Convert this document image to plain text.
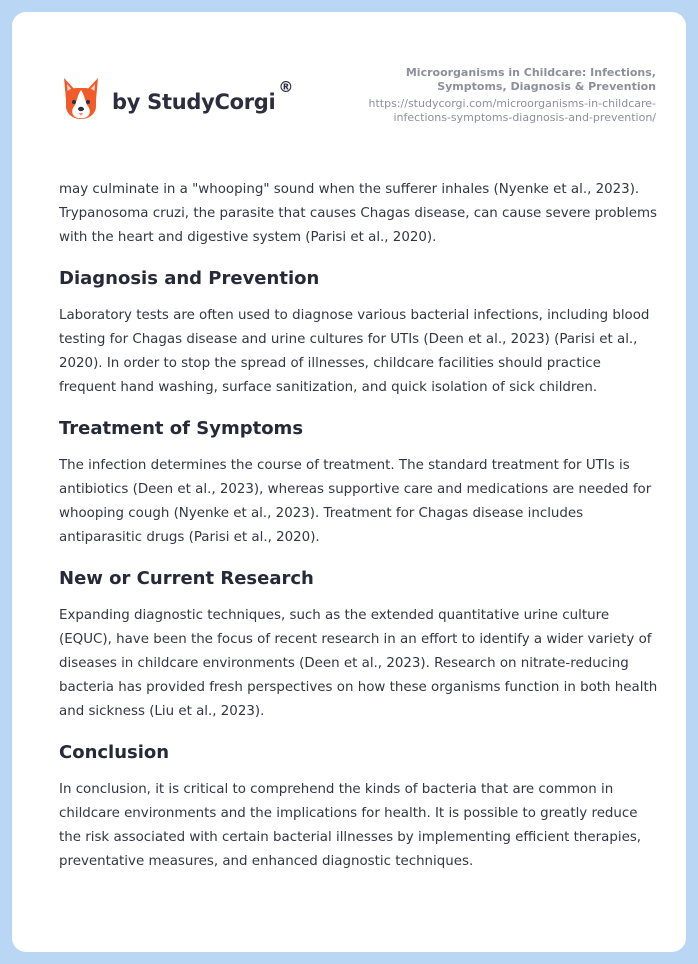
by StudyCorgi
®
Microorganisms in Childcare: Infections, Symptoms, Diagnosis & Prevention
https://studycorgi.com/microorganisms-in-childcare-infections-symptoms-diagnosis-and-prevention/

may culminate in a "whooping" sound when the sufferer inhales (Nyenke et al., 2023). Trypanosoma cruzi, the parasite that causes Chagas disease, can cause severe problems with the heart and digestive system (Parisi et al., 2020).

Diagnosis and Prevention

Laboratory tests are often used to diagnose various bacterial infections, including blood testing for Chagas disease and urine cultures for UTIs (Deen et al., 2023) (Parisi et al., 2020). In order to stop the spread of illnesses, childcare facilities should practice frequent hand washing, surface sanitization, and quick isolation of sick children.

Treatment of Symptoms

The infection determines the course of treatment. The standard treatment for UTIs is antibiotics (Deen et al., 2023), whereas supportive care and medications are needed for whooping cough (Nyenke et al., 2023). Treatment for Chagas disease includes antiparasitic drugs (Parisi et al., 2020).

New or Current Research

Expanding diagnostic techniques, such as the extended quantitative urine culture (EQUC), have been the focus of recent research in an effort to identify a wider variety of diseases in childcare environments (Deen et al., 2023). Research on nitrate-reducing bacteria has provided fresh perspectives on how these organisms function in both health and sickness (Liu et al., 2023).

Conclusion

In conclusion, it is critical to comprehend the kinds of bacteria that are common in childcare environments and the implications for health. It is possible to greatly reduce the risk associated with certain bacterial illnesses by implementing efficient therapies, preventative measures, and enhanced diagnostic techniques.
